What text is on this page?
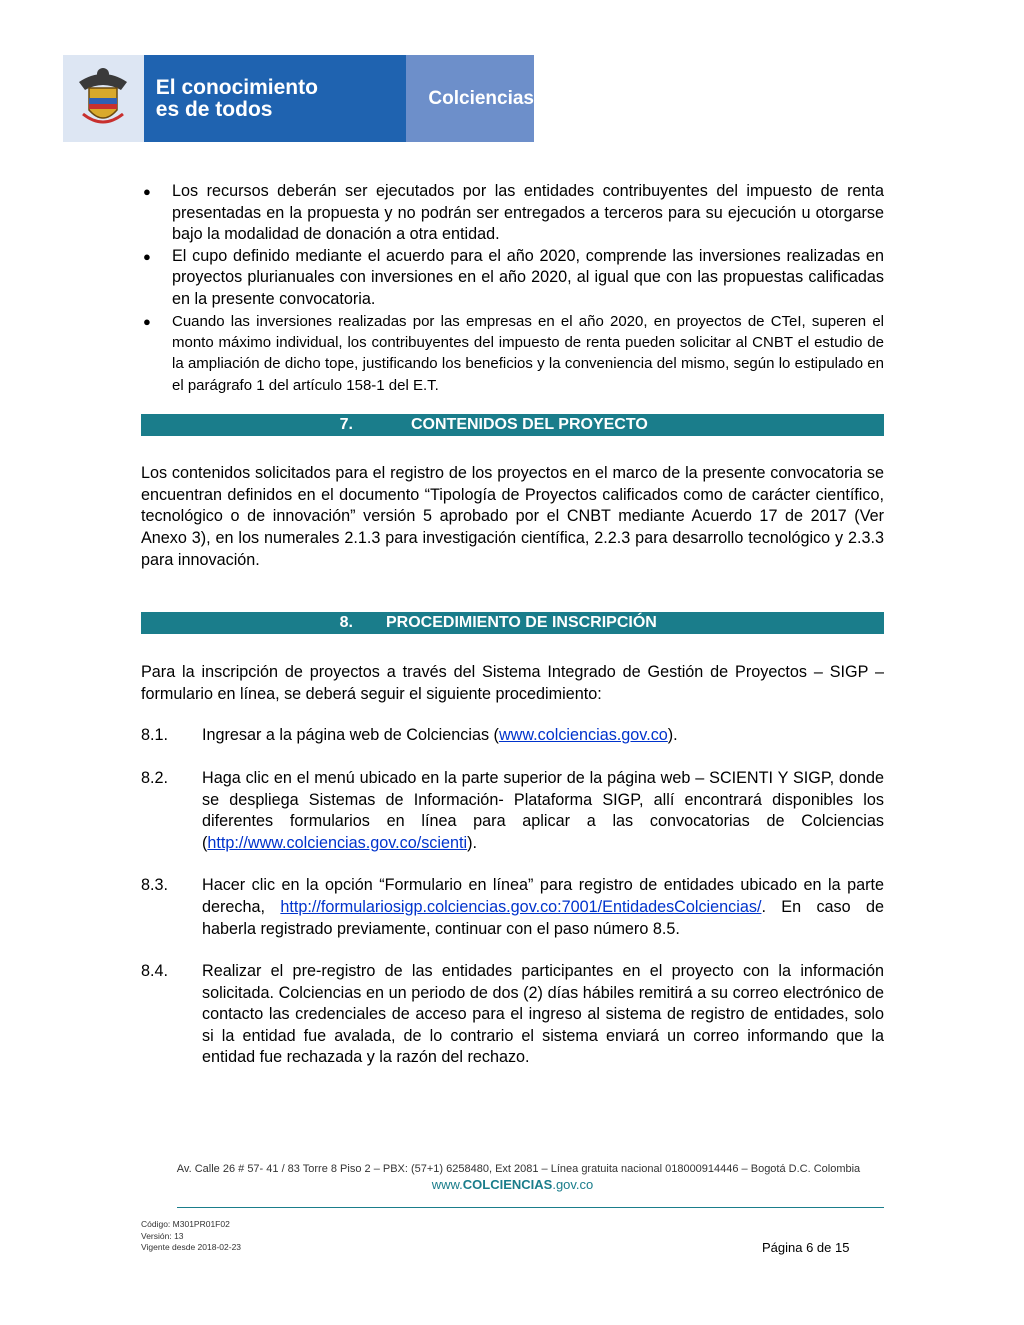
El conocimiento
es de todos	Colciencias
● Los recursos deberán ser ejecutados por las entidades contribuyentes del impuesto de renta presentadas en la propuesta y no podrán ser entregados a terceros para su ejecución u otorgarse bajo la modalidad de donación a otra entidad.
● El cupo definido mediante el acuerdo para el año 2020, comprende las inversiones realizadas en proyectos plurianuales con inversiones en el año 2020, al igual que con las propuestas calificadas en la presente convocatoria.
● Cuando las inversiones realizadas por las empresas en el año 2020, en proyectos de CTeI, superen el monto máximo individual, los contribuyentes del impuesto de renta pueden solicitar al CNBT el estudio de la ampliación de dicho tope, justificando los beneficios y la conveniencia del mismo, según lo estipulado en el parágrafo 1 del artículo 158-1 del E.T.
7.	CONTENIDOS DEL PROYECTO

Los contenidos solicitados para el registro de los proyectos en el marco de la presente convocatoria se encuentran definidos en el documento “Tipología de Proyectos calificados como de carácter científico, tecnológico o de innovación” versión 5 aprobado por el CNBT mediante Acuerdo 17 de 2017 (Ver Anexo 3), en los numerales 2.1.3 para investigación científica, 2.2.3 para desarrollo tecnológico y 2.3.3 para innovación.

8.	PROCEDIMIENTO DE INSCRIPCIÓN

Para la inscripción de proyectos a través del Sistema Integrado de Gestión de Proyectos – SIGP – formulario en línea, se deberá seguir el siguiente procedimiento:

8.1.	Ingresar a la página web de Colciencias (www.colciencias.gov.co).
8.2.	Haga clic en el menú ubicado en la parte superior de la página web – SCIENTI Y SIGP, donde se despliega Sistemas de Información- Plataforma SIGP, allí encontrará disponibles los diferentes formularios en línea para aplicar a las convocatorias de Colciencias (http://www.colciencias.gov.co/scienti).
8.3.	Hacer clic en la opción “Formulario en línea” para registro de entidades ubicado en la parte derecha, http://formulariosigp.colciencias.gov.co:7001/EntidadesColciencias/. En caso de haberla registrado previamente, continuar con el paso número 8.5.
8.4.	Realizar el pre-registro de las entidades participantes en el proyecto con la información solicitada. Colciencias en un periodo de dos (2) días hábiles remitirá a su correo electrónico de contacto las credenciales de acceso para el ingreso al sistema de registro de entidades, solo si la entidad fue avalada, de lo contrario el sistema enviará un correo informando que la entidad fue rechazada y la razón del rechazo.
Av. Calle 26 # 57- 41 / 83 Torre 8 Piso 2 – PBX: (57+1) 6258480, Ext 2081 – Línea gratuita nacional 018000914446 – Bogotá D.C. Colombia
www.COLCIENCIAS.gov.co
Código: M301PR01F02
Versión: 13
Vigente desde 2018-02-23	Página 6 de 15
